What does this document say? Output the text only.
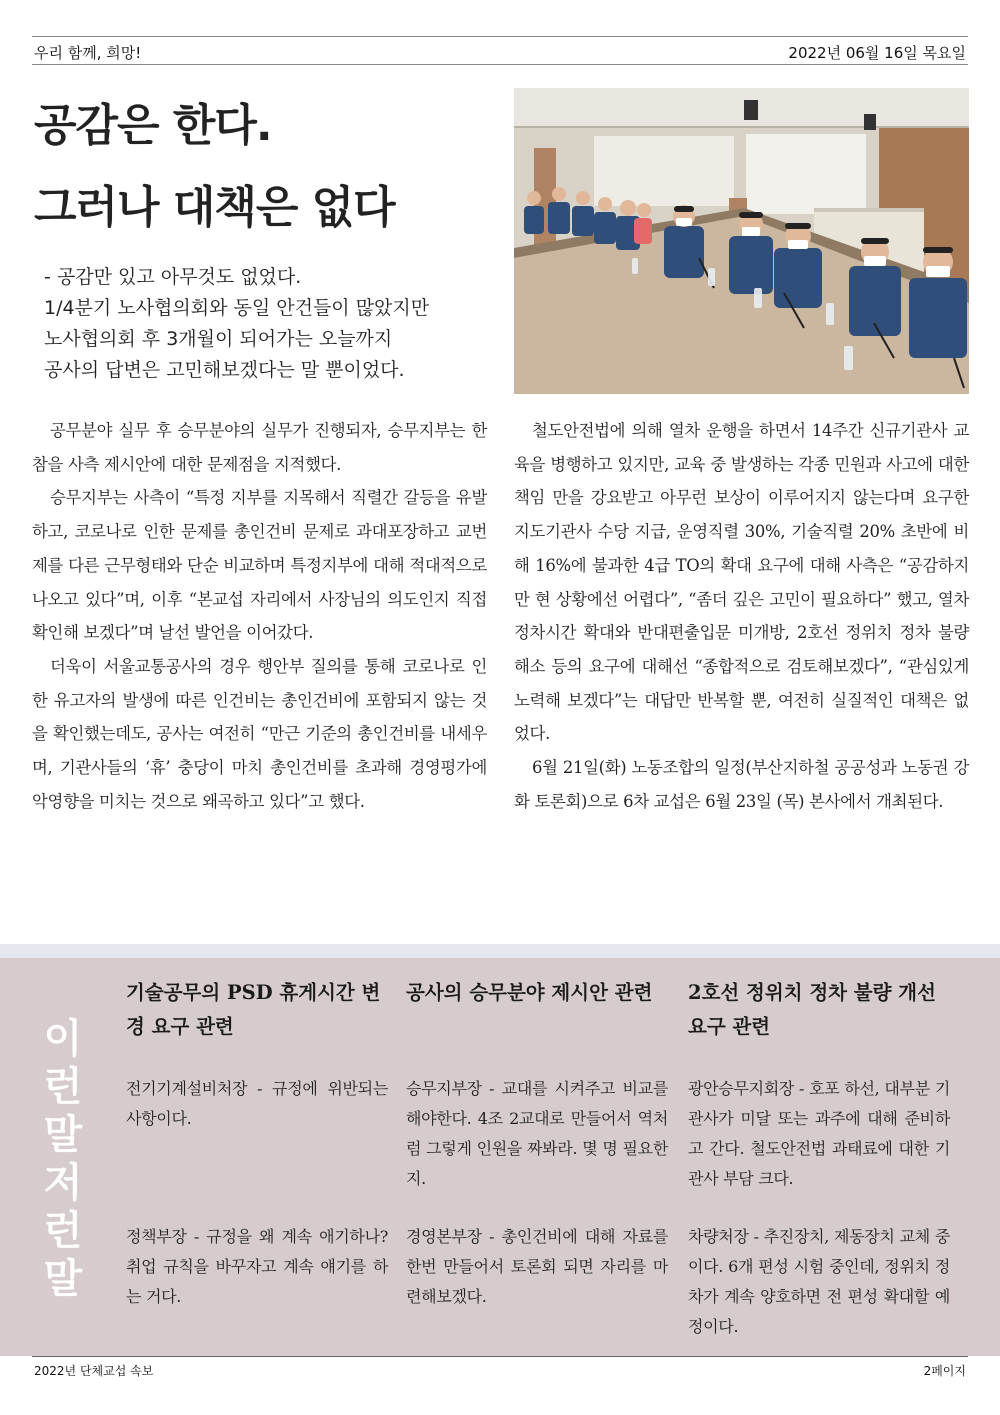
우리 함께, 희망!	2022년 06월 16일 목요일
공감은 한다.
그러나 대책은 없다
- 공감만 있고 아무것도 없었다.
1/4분기 노사협의회와 동일 안건들이 많았지만
노사협의회 후 3개월이 되어가는 오늘까지
공사의 답변은 고민해보겠다는 말 뿐이었다.

공무분야 실무 후 승무분야의 실무가 진행되자, 승무지부는 한참을 사측 제시안에 대한 문제점을 지적했다.

승무지부는 사측이 “특정 지부를 지목해서 직렬간 갈등을 유발하고, 코로나로 인한 문제를 총인건비 문제로 과대포장하고 교번제를 다른 근무형태와 단순 비교하며 특정지부에 대해 적대적으로 나오고 있다”며, 이후 “본교섭 자리에서 사장님의 의도인지 직접 확인해 보겠다”며 날선 발언을 이어갔다.

더욱이 서울교통공사의 경우 행안부 질의를 통해 코로나로 인한 유고자의 발생에 따른 인건비는 총인건비에 포함되지 않는 것을 확인했는데도, 공사는 여전히 “만근 기준의 총인건비를 내세우며, 기관사들의 ‘휴’ 충당이 마치 총인건비를 초과해 경영평가에 악영향을 미치는 것으로 왜곡하고 있다”고 했다.

철도안전법에 의해 열차 운행을 하면서 14주간 신규기관사 교육을 병행하고 있지만, 교육 중 발생하는 각종 민원과 사고에 대한 책임 만을 강요받고 아무런 보상이 이루어지지 않는다며 요구한 지도기관사 수당 지급, 운영직렬 30%, 기술직렬 20% 초반에 비해 16%에 불과한 4급 TO의 확대 요구에 대해 사측은 “공감하지만 현 상황에선 어렵다”, “좀더 깊은 고민이 필요하다” 했고, 열차정차시간 확대와 반대편출입문 미개방, 2호선 정위치 정차 불량 해소 등의 요구에 대해선 “종합적으로 검토해보겠다”, “관심있게 노력해 보겠다”는 대답만 반복할 뿐, 여전히 실질적인 대책은 없었다.

6월 21일(화) 노동조합의 일정(부산지하철 공공성과 노동권 강화 토론회)으로 6차 교섭은 6월 23일 (목) 본사에서 개최된다.

이
런
말
저
런
말
기술공무의 PSD 휴게시간 변경 요구 관련
전기기계설비처장 - 규정에 위반되는 사항이다.
정책부장 - 규정을 왜 계속 애기하나? 취업 규칙을 바꾸자고 계속 얘기를 하는 거다.
공사의 승무분야 제시안 관련
승무지부장 - 교대를 시켜주고 비교를 해야한다. 4조 2교대로 만들어서 역처럼 그렇게 인원을 짜봐라. 몇 명 필요한지.
경영본부장 - 총인건비에 대해 자료를 한번 만들어서 토론회 되면 자리를 마련해보겠다.
2호선 정위치 정차 불량 개선 요구 관련
광안승무지회장 - 호포 하선, 대부분 기관사가 미달 또는 과주에 대해 준비하고 간다. 철도안전법 과태료에 대한 기관사 부담 크다.
차량처장 - 추진장치, 제동장치 교체 중이다. 6개 편성 시험 중인데, 정위치 정차가 계속 양호하면 전 편성 확대할 예정이다.
2022년 단체교섭 속보	2페이지
